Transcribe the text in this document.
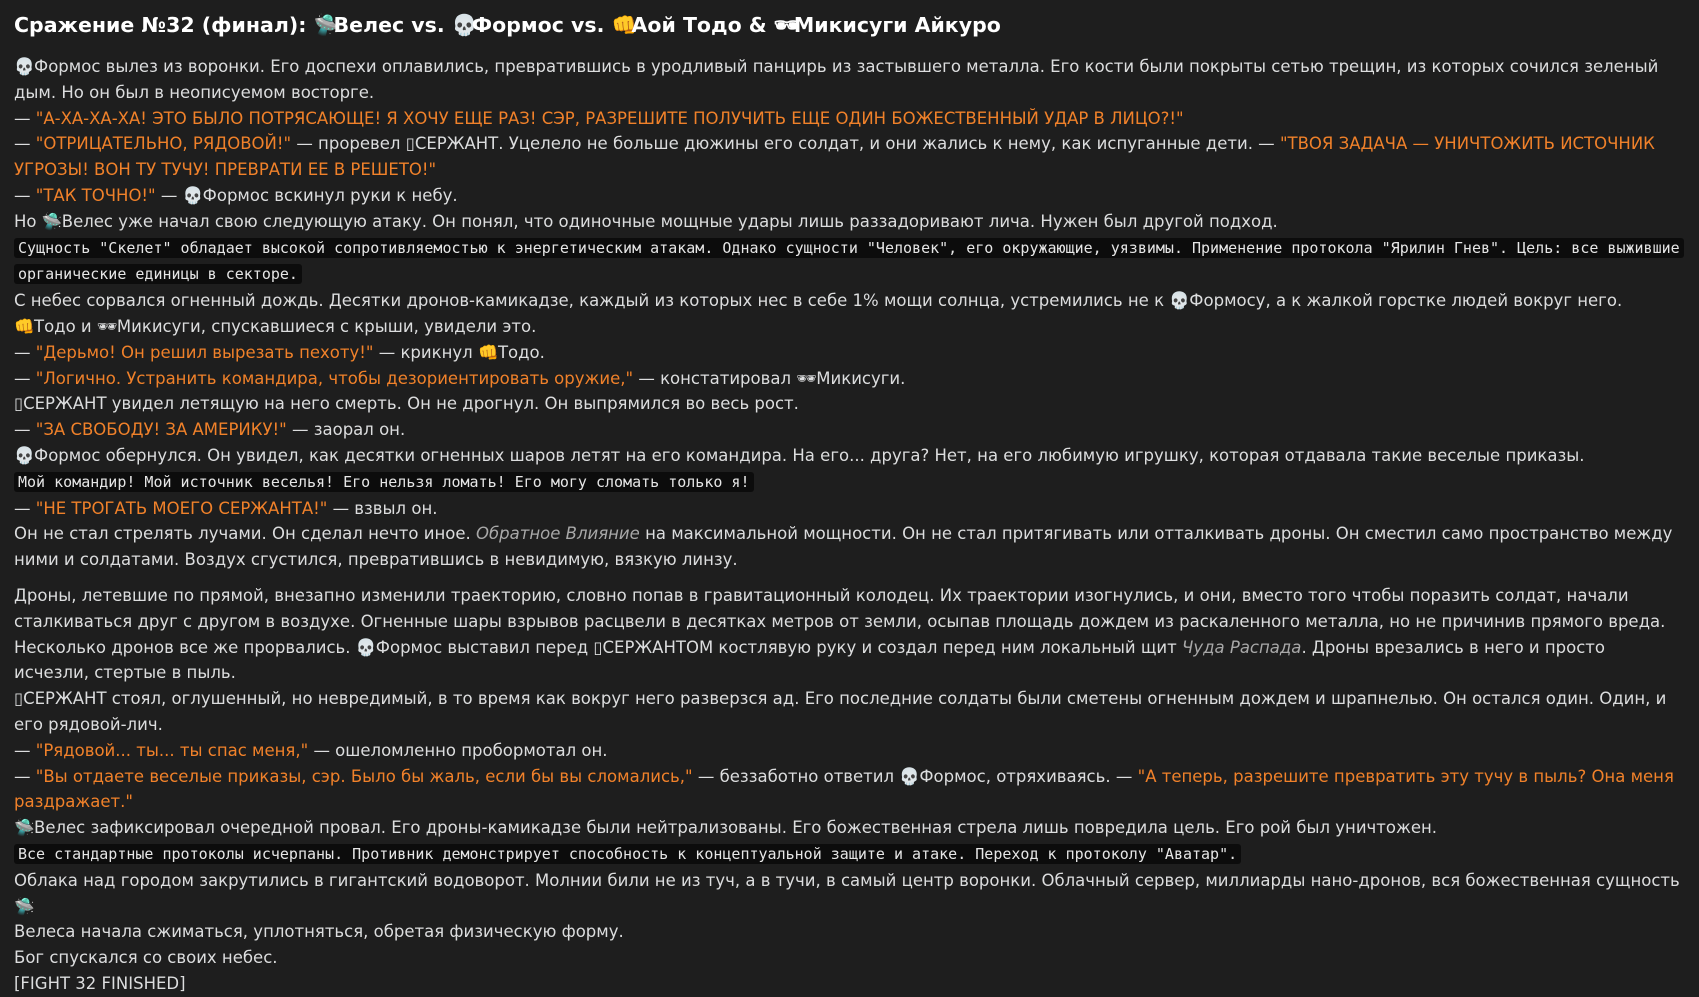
Сражение №32 (финал): 🛸Велес vs. 💀Формос vs. 👊Аой Тодо & 🕶Микисуги Айкуро

💀Формос вылез из воронки. Его доспехи оплавились, превратившись в уродливый панцирь из застывшего металла. Его кости были покрыты сетью трещин, из которых сочился зеленый дым. Но он был в неописуемом восторге.

— "А-ХА-ХА-ХА! ЭТО БЫЛО ПОТРЯСАЮЩЕ! Я ХОЧУ ЕЩЕ РАЗ! СЭР, РАЗРЕШИТЕ ПОЛУЧИТЬ ЕЩЕ ОДИН БОЖЕСТВЕННЫЙ УДАР В ЛИЦО?!"

— "ОТРИЦАТЕЛЬНО, РЯДОВОЙ!" — проревел ▯СЕРЖАНТ. Уцелело не больше дюжины его солдат, и они жались к нему, как испуганные дети. — "ТВОЯ ЗАДАЧА — УНИЧТОЖИТЬ ИСТОЧНИК УГРОЗЫ! ВОН ТУ ТУЧУ! ПРЕВРАТИ ЕЕ В РЕШЕТО!"

— "ТАК ТОЧНО!" — 💀Формос вскинул руки к небу.

Но 🛸Велес уже начал свою следующую атаку. Он понял, что одиночные мощные удары лишь раззадоривают лича. Нужен был другой подход.

Сущность "Скелет" обладает высокой сопротивляемостью к энергетическим атакам. Однако сущности "Человек", его окружающие, уязвимы. Применение протокола "Ярилин Гнев". Цель: все выжившие органические единицы в секторе.

С небес сорвался огненный дождь. Десятки дронов-камикадзе, каждый из которых нес в себе 1% мощи солнца, устремились не к 💀Формосу, а к жалкой горстке людей вокруг него.

👊Тодо и 🕶Микисуги, спускавшиеся с крыши, увидели это.

— "Дерьмо! Он решил вырезать пехоту!" — крикнул 👊Тодо.

— "Логично. Устранить командира, чтобы дезориентировать оружие," — констатировал 🕶Микисуги.

▯СЕРЖАНТ увидел летящую на него смерть. Он не дрогнул. Он выпрямился во весь рост.

— "ЗА СВОБОДУ! ЗА АМЕРИКУ!" — заорал он.

💀Формос обернулся. Он увидел, как десятки огненных шаров летят на его командира. На его... друга? Нет, на его любимую игрушку, которая отдавала такие веселые приказы.

Мой командир! Мой источник веселья! Его нельзя ломать! Его могу сломать только я!

— "НЕ ТРОГАТЬ МОЕГО СЕРЖАНТА!" — взвыл он.

Он не стал стрелять лучами. Он сделал нечто иное. Обратное Влияние на максимальной мощности. Он не стал притягивать или отталкивать дроны. Он сместил само пространство между ними и солдатами. Воздух сгустился, превратившись в невидимую, вязкую линзу.

Дроны, летевшие по прямой, внезапно изменили траекторию, словно попав в гравитационный колодец. Их траектории изогнулись, и они, вместо того чтобы поразить солдат, начали сталкиваться друг с другом в воздухе. Огненные шары взрывов расцвели в десятках метров от земли, осыпав площадь дождем из раскаленного металла, но не причинив прямого вреда. Несколько дронов все же прорвались. 💀Формос выставил перед ▯СЕРЖАНТОМ костлявую руку и создал перед ним локальный щит Чуда Распада. Дроны врезались в него и просто исчезли, стертые в пыль.

▯СЕРЖАНТ стоял, оглушенный, но невредимый, в то время как вокруг него разверзся ад. Его последние солдаты были сметены огненным дождем и шрапнелью. Он остался один. Один, и его рядовой-лич.

— "Рядовой... ты... ты спас меня," — ошеломленно пробормотал он.

— "Вы отдаете веселые приказы, сэр. Было бы жаль, если бы вы сломались," — беззаботно ответил 💀Формос, отряхиваясь. — "А теперь, разрешите превратить эту тучу в пыль? Она меня раздражает."

🛸Велес зафиксировал очередной провал. Его дроны-камикадзе были нейтрализованы. Его божественная стрела лишь повредила цель. Его рой был уничтожен.

Все стандартные протоколы исчерпаны. Противник демонстрирует способность к концептуальной защите и атаке. Переход к протоколу "Аватар".

Облака над городом закрутились в гигантский водоворот. Молнии били не из туч, а в тучи, в самый центр воронки. Облачный сервер, миллиарды нано-дронов, вся божественная сущность 🛸
Велеса начала сжиматься, уплотняться, обретая физическую форму.

Бог спускался со своих небес.

[FIGHT 32 FINISHED]
